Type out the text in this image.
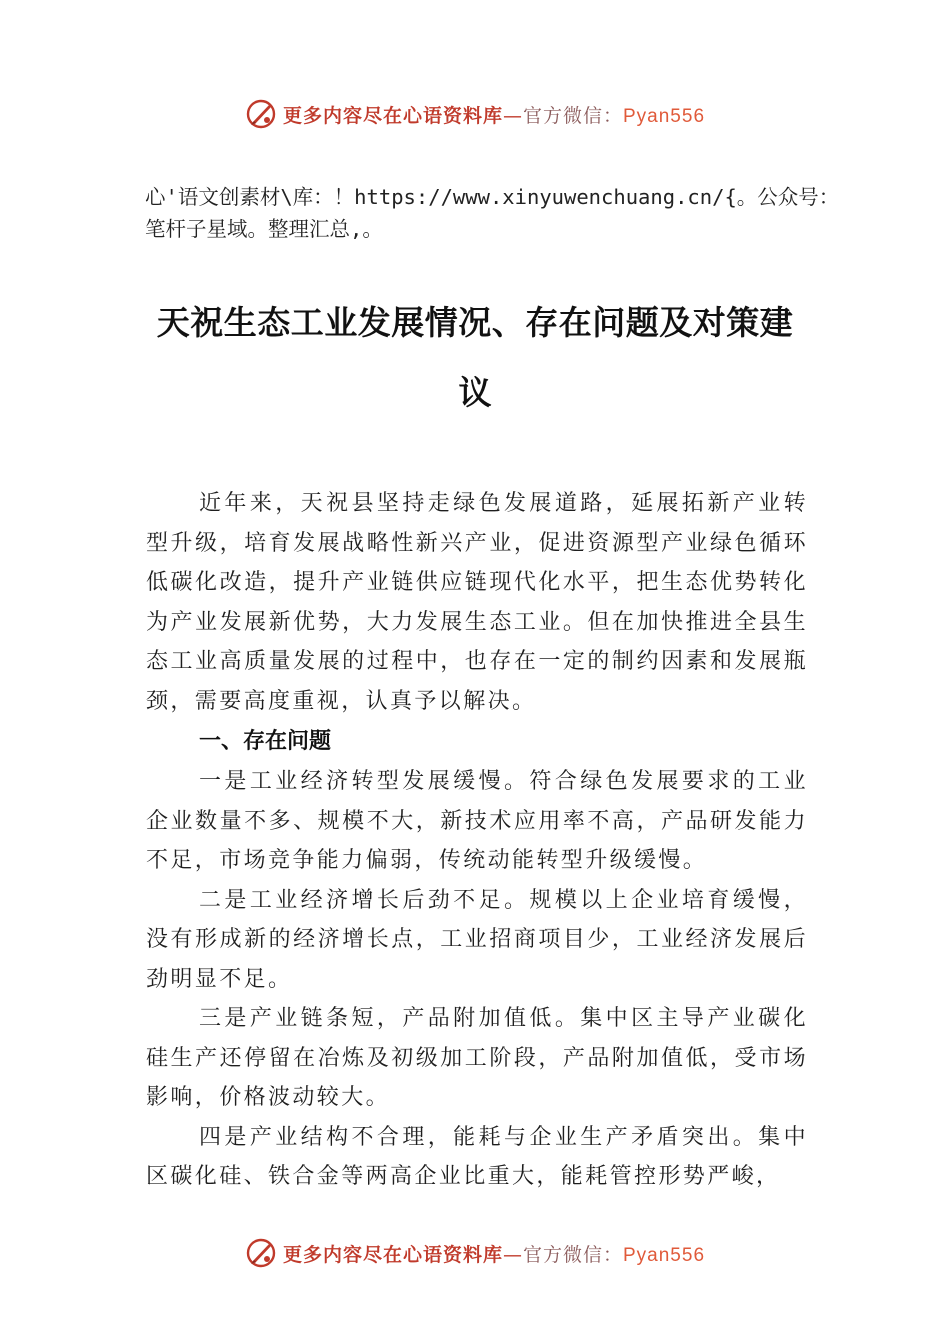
更多内容尽在心语资料库—官方微信：Pyan556
心'语文创素材\库：！https://www.xinyuwenchuang.cn/{。公众号：笔杆子星域。整理汇总,。
天祝生态工业发展情况、存在问题及对策建
议

近年来，天祝县坚持走绿色发展道路，延展拓新产业转型升级，培育发展战略性新兴产业，促进资源型产业绿色循环低碳化改造，提升产业链供应链现代化水平，把生态优势转化为产业发展新优势，大力发展生态工业。但在加快推进全县生态工业高质量发展的过程中，也存在一定的制约因素和发展瓶颈，需要高度重视，认真予以解决。

一、存在问题

一是工业经济转型发展缓慢。符合绿色发展要求的工业企业数量不多、规模不大，新技术应用率不高，产品研发能力不足，市场竞争能力偏弱，传统动能转型升级缓慢。

二是工业经济增长后劲不足。规模以上企业培育缓慢，没有形成新的经济增长点，工业招商项目少，工业经济发展后劲明显不足。

三是产业链条短，产品附加值低。集中区主导产业碳化硅生产还停留在冶炼及初级加工阶段，产品附加值低，受市场影响，价格波动较大。

四是产业结构不合理，能耗与企业生产矛盾突出。集中区碳化硅、铁合金等两高企业比重大，能耗管控形势严峻，

更多内容尽在心语资料库—官方微信：Pyan556
